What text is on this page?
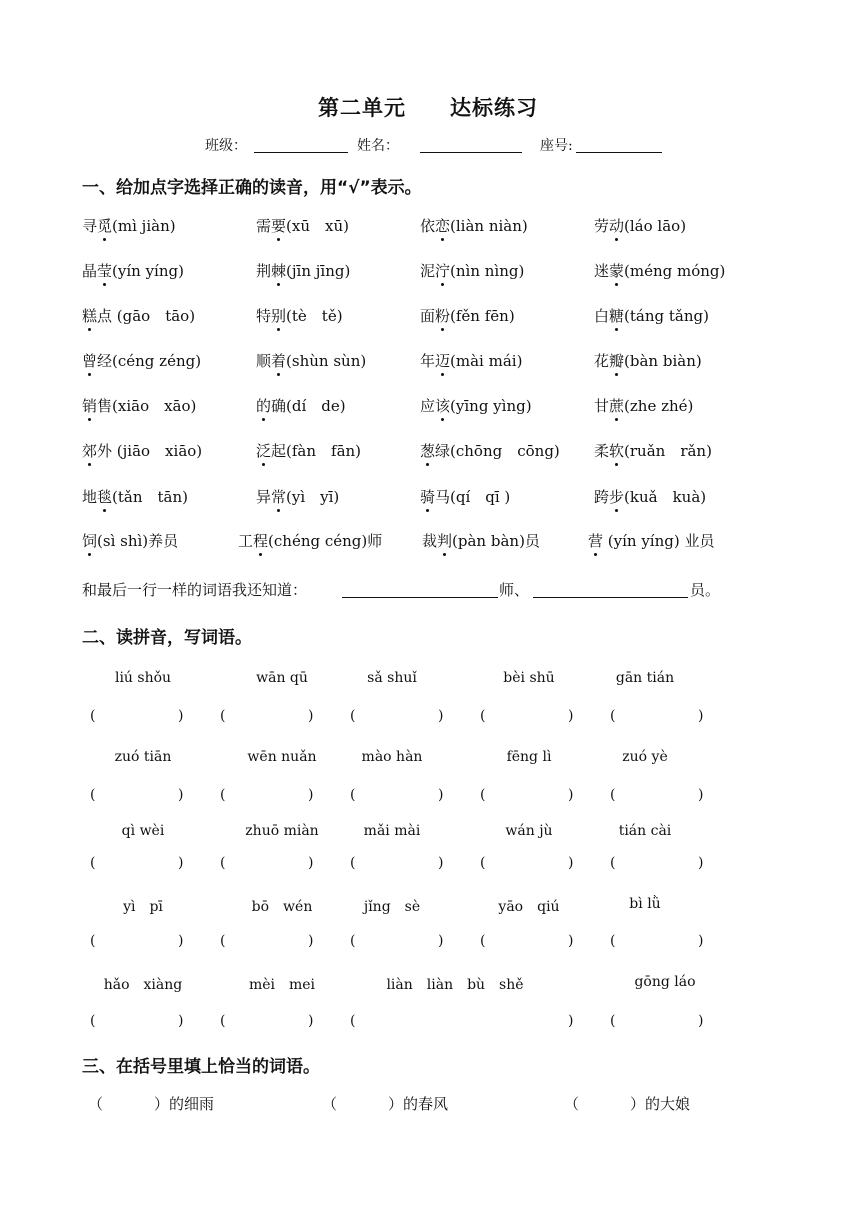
第二单元　　达标练习
班级：	姓名：	座号:
一、给加点字选择正确的读音，用“√”表示。
寻觅(mì jiàn)	需要(xū　xū)	依恋(liàn niàn)	劳动(láo lāo)
晶莹(yín yíng)	荆棘(jīn jīng)	泥泞(nìn nìng)	迷蒙(méng móng)
糕点 (gāo　tāo)	特别(tè　tě)	面粉(fěn fēn)	白糖(táng tǎng)
曾经(céng zéng)	顺着(shùn sùn)	年迈(mài mái)	花瓣(bàn biàn)
销售(xiāo　xāo)	的确(dí　de)	应该(yīng yìng)	甘蔗(zhe zhé)
郊外 (jiāo　xiāo)	泛起(fàn　fān)	葱绿(chōng　cōng) 柔软(ruǎn　rǎn)
地毯(tǎn　tān)	异常(yì　yī)	骑马(qí　qī )	跨步(kuǎ　kuà)
饲(sì shì)养员	工程(chéng céng)师	裁判(pàn bàn)员	营 (yín yíng) 业员
和最后一行一样的词语我还知道：	师、	员。
二、读拼音，写词语。
liú shǒu	wān qū	sǎ shuǐ	bèi shū	gān tián
(	)	(	)	(	)	(	)	(	)
zuó tiān	wēn nuǎn	mào hàn	fēng lì	zuó yè
(	)	(	)	(	)	(	)	(	)
qì wèi	zhuō miàn	mǎi mài	wán jù	tián cài
(	)	(	)	(	)	(	)	(	)
yì　pī	bō　wén	jǐng　sè	yāo　qiú	bì lǜ
(	)	(	)	(	)	(	)	(	)
hǎo　xiàng	mèi　mei	liàn　liàn　bù　shě	gōng láo
(	)	(	)	(	)	(	)
三、在括号里填上恰当的词语。
（	）的细雨	（	）的春风	（	）的大娘
